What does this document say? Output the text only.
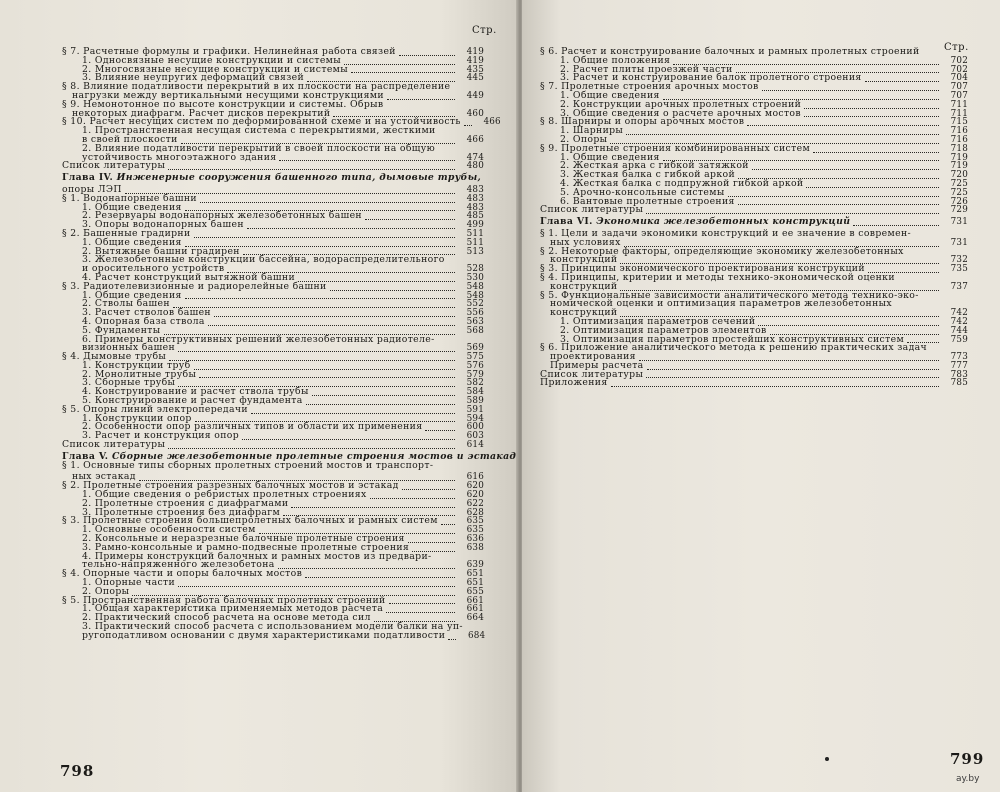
Стр.
§ 7. Расчетные формулы и графики. Нелинейная работа связей	419
1. Односвязные несущие конструкции и системы	419
2. Многосвязные несущие конструкции и системы	435
3. Влияние неупругих деформаций связей	445
§ 8. Влияние податливости перекрытий в их плоскости на распределение
нагрузки между вертикальными несущими конструкциями	449
§ 9. Немонотонное по высоте конструкции и системы. Обрыв
некоторых диафрагм. Расчет дисков перекрытий	460
§ 10. Расчет несущих систем по деформированной схеме и на устойчивость	466
1. Пространственная несущая система с перекрытиями, жесткими
в своей плоскости	466
2. Влияние податливости перекрытий в своей плоскости на общую
устойчивость многоэтажного здания	474
Список литературы	480
Глава IV. Инженерные сооружения башенного типа, дымовые трубы,
опоры ЛЭП	483
§ 1. Водонапорные башни	483
1. Общие сведения	483
2. Резервуары водонапорных железобетонных башен	485
3. Опоры водонапорных башен	499
§ 2. Башенные градирни	511
1. Общие сведения	511
2. Вытяжные башни градирен	513
3. Железобетонные конструкции бассейна, водораспределительного
и оросительного устройств	528
4. Расчет конструкций вытяжной башни	530
§ 3. Радиотелевизионные и радиорелейные башни	548
1. Общие сведения	548
2. Стволы башен	552
3. Расчет стволов башен	556
4. Опорная база ствола	563
5. Фундаменты	568
6. Примеры конструктивных решений железобетонных радиотеле-
визионных башен	569
§ 4. Дымовые трубы	575
1. Конструкции труб	576
2. Монолитные трубы	579
3. Сборные трубы	582
4. Конструирование и расчет ствола трубы	584
5. Конструирование и расчет фундамента	589
§ 5. Опоры линий электропередачи	591
1. Конструкции опор	594
2. Особенности опор различных типов и области их применения	600
3. Расчет и конструкция опор	603
Список литературы	614
Глава V. Сборные железобетонные пролетные строения мостов и эстакад
§ 1. Основные типы сборных пролетных строений мостов и транспорт-
ных эстакад	616
§ 2. Пролетные строения разрезных балочных мостов и эстакад	620
1. Общие сведения о ребристых пролетных строениях	620
2. Пролетные строения с диафрагмами	622
3. Пролетные строения без диафрагм	628
§ 3. Пролетные строения большепролетных балочных и рамных систем	635
1. Основные особенности систем	635
2. Консольные и неразрезные балочные пролетные строения	636
3. Рамно-консольные и рамно-подвесные пролетные строения	638
4. Примеры конструкций балочных и рамных мостов из предвари-
тельно-напряженного железобетона	639
§ 4. Опорные части и опоры балочных мостов	651
1. Опорные части	651
2. Опоры	655
§ 5. Пространственная работа балочных пролетных строений	661
1. Общая характеристика применяемых методов расчета	661
2. Практический способ расчета на основе метода сил	664
3. Практический способ расчета с использованием модели балки на уп-
ругоподатливом основании с двумя характеристиками податливости	684
798
Стр.
§ 6. Расчет и конструирование балочных и рамных пролетных строений
1. Общие положения	702
2. Расчет плиты проезжей части	702
3. Расчет и конструирование балок пролетного строения	704
§ 7. Пролетные строения арочных мостов	707
1. Общие сведения	707
2. Конструкции арочных пролетных строений	711
3. Общие сведения о расчете арочных мостов	711
§ 8. Шарниры и опоры арочных мостов	715
1. Шарниры	716
2. Опоры	716
§ 9. Пролетные строения комбинированных систем	718
1. Общие сведения	719
2. Жесткая арка с гибкой затяжкой	719
3. Жесткая балка с гибкой аркой	720
4. Жесткая балка с подпружной гибкой аркой	725
5. Арочно-консольные системы	725
6. Вантовые пролетные строения	726
Список литературы	729
Глава VI. Экономика железобетонных конструкций	731
§ 1. Цели и задачи экономики конструкций и ее значение в современ-
ных условиях	731
§ 2. Некоторые факторы, определяющие экономику железобетонных
конструкций	732
§ 3. Принципы экономического проектирования конструкций	735
§ 4. Принципы, критерии и методы технико-экономической оценки
конструкций	737
§ 5. Функциональные зависимости аналитического метода технико-эко-
номической оценки и оптимизация параметров железобетонных
конструкций	742
1. Оптимизация параметров сечений	742
2. Оптимизация параметров элементов	744
3. Оптимизация параметров простейших конструктивных систем	759
§ 6. Приложение аналитического метода к решению практических задач
проектирования	773
Примеры расчета	777
Список литературы	783
Приложения	785
799
ay.by
